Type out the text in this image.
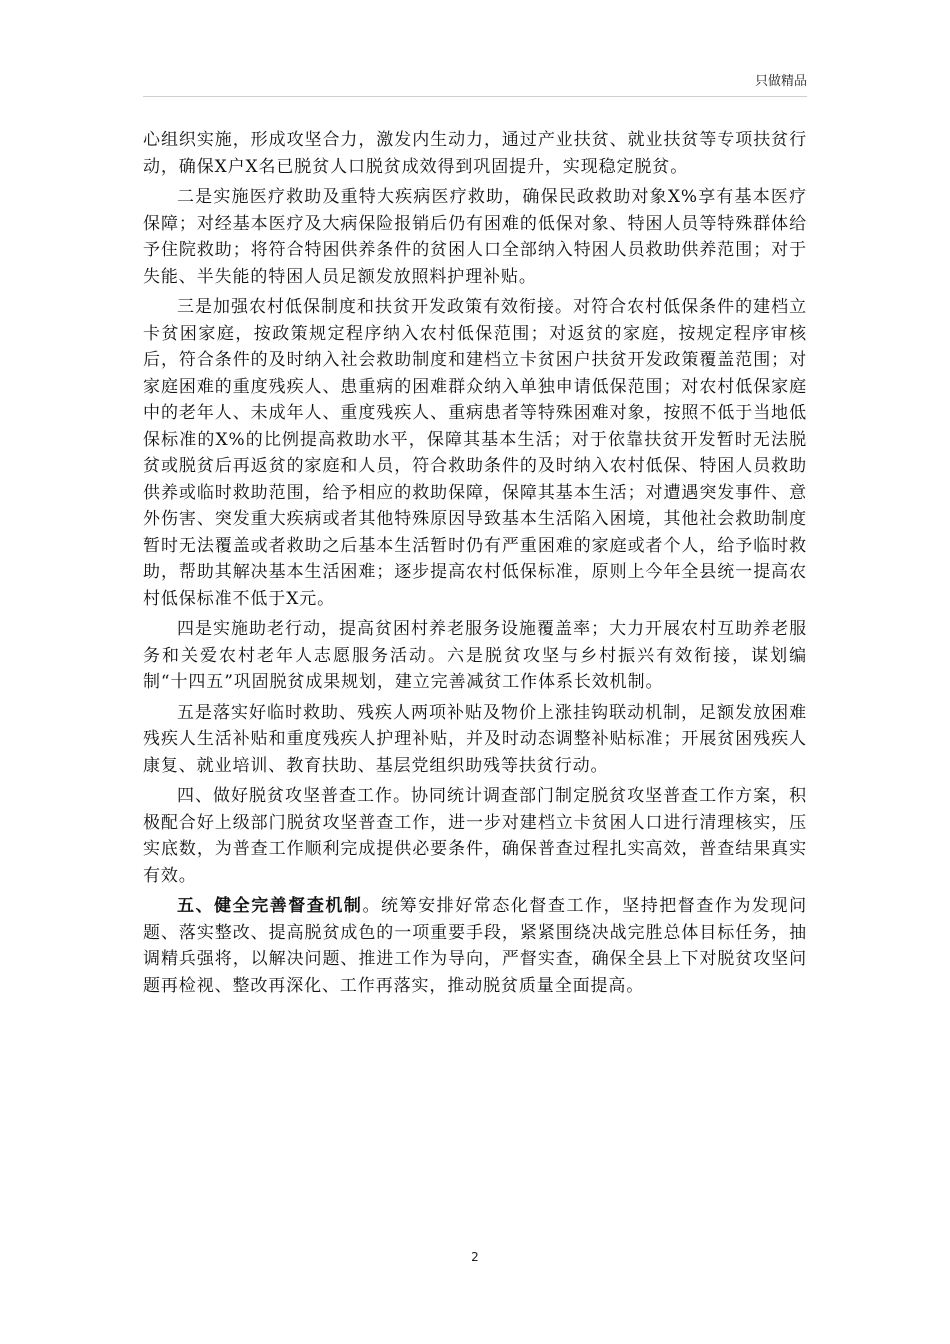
只做精品

心组织实施，形成攻坚合力，激发内生动力，通过产业扶贫、就业扶贫等专项扶贫行动，确保X户X名已脱贫人口脱贫成效得到巩固提升，实现稳定脱贫。

二是实施医疗救助及重特大疾病医疗救助，确保民政救助对象X%享有基本医疗保障；对经基本医疗及大病保险报销后仍有困难的低保对象、特困人员等特殊群体给予住院救助；将符合特困供养条件的贫困人口全部纳入特困人员救助供养范围；对于失能、半失能的特困人员足额发放照料护理补贴。

三是加强农村低保制度和扶贫开发政策有效衔接。对符合农村低保条件的建档立卡贫困家庭，按政策规定程序纳入农村低保范围；对返贫的家庭，按规定程序审核后，符合条件的及时纳入社会救助制度和建档立卡贫困户扶贫开发政策覆盖范围；对家庭困难的重度残疾人、患重病的困难群众纳入单独申请低保范围；对农村低保家庭中的老年人、未成年人、重度残疾人、重病患者等特殊困难对象，按照不低于当地低保标准的X%的比例提高救助水平，保障其基本生活；对于依靠扶贫开发暂时无法脱贫或脱贫后再返贫的家庭和人员，符合救助条件的及时纳入农村低保、特困人员救助供养或临时救助范围，给予相应的救助保障，保障其基本生活；对遭遇突发事件、意外伤害、突发重大疾病或者其他特殊原因导致基本生活陷入困境，其他社会救助制度暂时无法覆盖或者救助之后基本生活暂时仍有严重困难的家庭或者个人，给予临时救助，帮助其解决基本生活困难；逐步提高农村低保标准，原则上今年全县统一提高农村低保标准不低于X元。

四是实施助老行动，提高贫困村养老服务设施覆盖率；大力开展农村互助养老服务和关爱农村老年人志愿服务活动。六是脱贫攻坚与乡村振兴有效衔接，谋划编制“十四五”巩固脱贫成果规划，建立完善减贫工作体系长效机制。

五是落实好临时救助、残疾人两项补贴及物价上涨挂钩联动机制，足额发放困难残疾人生活补贴和重度残疾人护理补贴，并及时动态调整补贴标准；开展贫困残疾人康复、就业培训、教育扶助、基层党组织助残等扶贫行动。

四、做好脱贫攻坚普查工作。协同统计调查部门制定脱贫攻坚普查工作方案，积极配合好上级部门脱贫攻坚普查工作，进一步对建档立卡贫困人口进行清理核实，压实底数，为普查工作顺利完成提供必要条件，确保普查过程扎实高效，普查结果真实有效。

五、健全完善督查机制。统筹安排好常态化督查工作，坚持把督查作为发现问题、落实整改、提高脱贫成色的一项重要手段，紧紧围绕决战完胜总体目标任务，抽调精兵强将，以解决问题、推进工作为导向，严督实查，确保全县上下对脱贫攻坚问题再检视、整改再深化、工作再落实，推动脱贫质量全面提高。

2
